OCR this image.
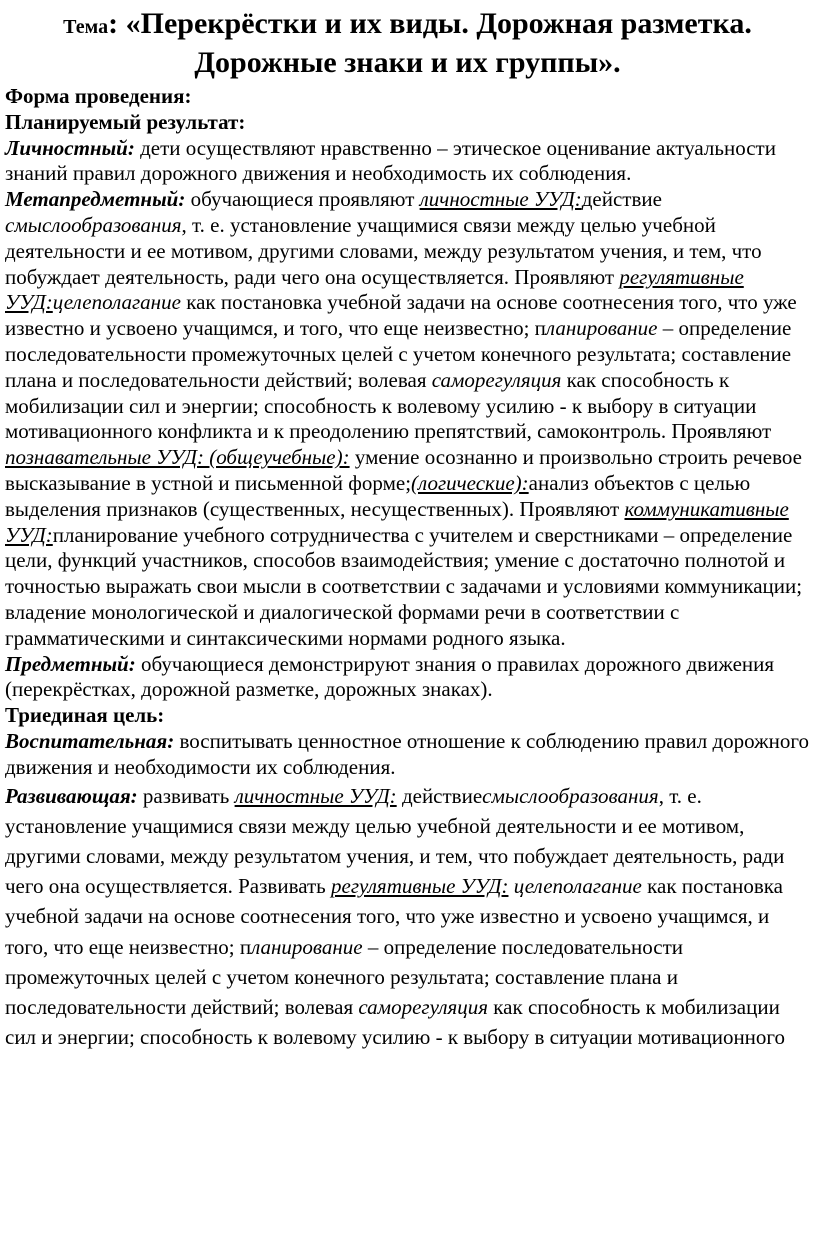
Тема: «Перекрёстки и их виды. Дорожная разметка. Дорожные знаки и их группы».
Форма проведения:
Планируемый результат:

Личностный: дети осуществляют нравственно – этическое оценивание актуальности знаний правил дорожного движения и необходимость их соблюдения.

Метапредметный: обучающиеся проявляют личностные УУД:действие смыслообразования, т. е. установление учащимися связи между целью учебной деятельности и ее мотивом, другими словами, между результатом учения, и тем, что побуждает деятельность, ради чего она осуществляется. Проявляют регулятивные УУД:целеполагание как постановка учебной задачи на основе соотнесения того, что уже известно и усвоено учащимся, и того, что еще неизвестно; планирование – определение последовательности промежуточных целей с учетом конечного результата; составление плана и последовательности действий; волевая саморегуляция как способность к мобилизации сил и энергии; способность к волевому усилию - к выбору в ситуации мотивационного конфликта и к преодолению препятствий, самоконтроль. Проявляют познавательные УУД: (общеучебные): умение осознанно и произвольно строить речевое высказывание в устной и письменной форме;(логические):анализ объектов с целью выделения признаков (существенных, несущественных). Проявляют коммуникативные УУД:планирование учебного сотрудничества с учителем и сверстниками – определение цели, функций участников, способов взаимодействия; умение с достаточно полнотой и точностью выражать свои мысли в соответствии с задачами и условиями коммуникации; владение монологической и диалогической формами речи в соответствии с грамматическими и синтаксическими нормами родного языка.

Предметный: обучающиеся демонстрируют знания о правилах дорожного движения (перекрёстках, дорожной разметке, дорожных знаках).

Триединая цель:

Воспитательная: воспитывать ценностное отношение к соблюдению правил дорожного движения и необходимости их соблюдения.

Развивающая: развивать личностные УУД: действиесмыслообразования, т. е. установление учащимися связи между целью учебной деятельности и ее мотивом, другими словами, между результатом учения, и тем, что побуждает деятельность, ради чего она осуществляется. Развивать регулятивные УУД: целеполагание как постановка учебной задачи на основе соотнесения того, что уже известно и усвоено учащимся, и того, что еще неизвестно; планирование – определение последовательности промежуточных целей с учетом конечного результата; составление плана и последовательности действий; волевая саморегуляция как способность к мобилизации сил и энергии; способность к волевому усилию - к выбору в ситуации мотивационного
